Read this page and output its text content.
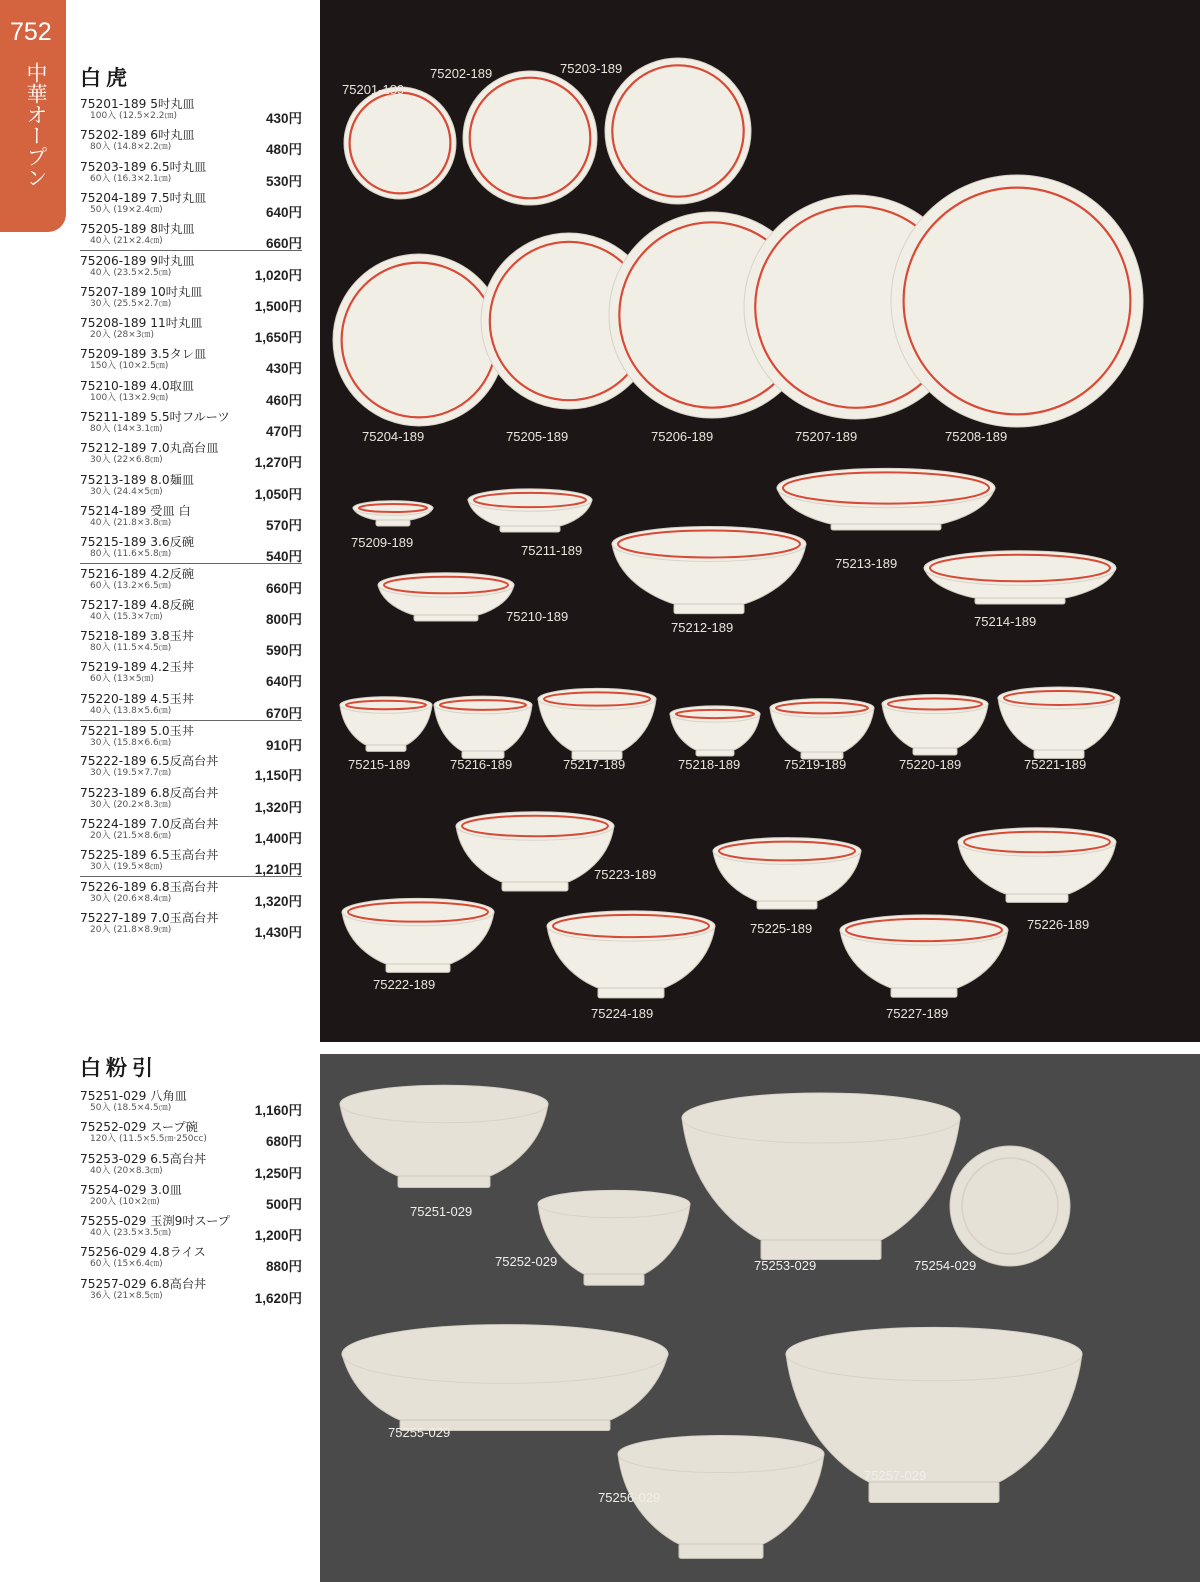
752
中華オープン 白虎
75201-189 5吋丸皿
100入 (12.5×2.2㎝)	430円
75202-189 6吋丸皿
80入 (14.8×2.2㎝)	480円
75203-189 6.5吋丸皿
60入 (16.3×2.1㎝)	530円
75204-189 7.5吋丸皿
50入 (19×2.4㎝)	640円
75205-189 8吋丸皿
40入 (21×2.4㎝)	660円
75206-189 9吋丸皿
40入 (23.5×2.5㎝)	1,020円
75207-189 10吋丸皿
30入 (25.5×2.7㎝)	1,500円
75208-189 11吋丸皿
20入 (28×3㎝)	1,650円
75209-189 3.5タレ皿
150入 (10×2.5㎝)	430円
75210-189 4.0取皿
100入 (13×2.9㎝)	460円
75211-189 5.5吋フルーツ
80入 (14×3.1㎝)	470円
75212-189 7.0丸高台皿
30入 (22×6.8㎝)	1,270円
75213-189 8.0麺皿
30入 (24.4×5㎝)	1,050円
75214-189 受皿 白
40入 (21.8×3.8㎝)	570円
75215-189 3.6反碗
80入 (11.6×5.8㎝)	540円
75216-189 4.2反碗
60入 (13.2×6.5㎝)	660円
75217-189 4.8反碗
40入 (15.3×7㎝)	800円
75218-189 3.8玉丼
80入 (11.5×4.5㎝)	590円
75219-189 4.2玉丼
60入 (13×5㎝)	640円
75220-189 4.5玉丼
40入 (13.8×5.6㎝)	670円
75221-189 5.0玉丼
30入 (15.8×6.6㎝)	910円
75222-189 6.5反高台丼
30入 (19.5×7.7㎝)	1,150円
75223-189 6.8反高台丼
30入 (20.2×8.3㎝)	1,320円
75224-189 7.0反高台丼
20入 (21.5×8.6㎝)	1,400円
75225-189 6.5玉高台丼
30入 (19.5×8㎝)	1,210円
75226-189 6.8玉高台丼
30入 (20.6×8.4㎝)	1,320円
75227-189 7.0玉高台丼
20入 (21.8×8.9㎝)	1,430円
白粉引
75251-029 八角皿
50入 (18.5×4.5㎝)	1,160円
75252-029 スープ碗
120入 (11.5×5.5㎝·250cc)	680円
75253-029 6.5高台丼
40入 (20×8.3㎝)	1,250円
75254-029 3.0皿
200入 (10×2㎝)	500円
75255-029 玉渕9吋スープ
40入 (23.5×3.5㎝)	1,200円
75256-029 4.8ライス
60入 (15×6.4㎝)	880円
75257-029 6.8高台丼
36入 (21×8.5㎝)	1,620円
75201-189
75202-189	75203-189
75204-189	75205-189	75206-189	75207-189	75208-189
75209-189
75210-189
75211-189
75212-189
75213-189
75214-189
75215-189	75216-189	75217-189	75218-189	75219-189	75220-189	75221-189
75222-189
75223-189
75224-189
75225-189	75226-189
75227-189
75251-029
75252-029	75253-029	75254-029
75255-029
75256-029
75257-029
